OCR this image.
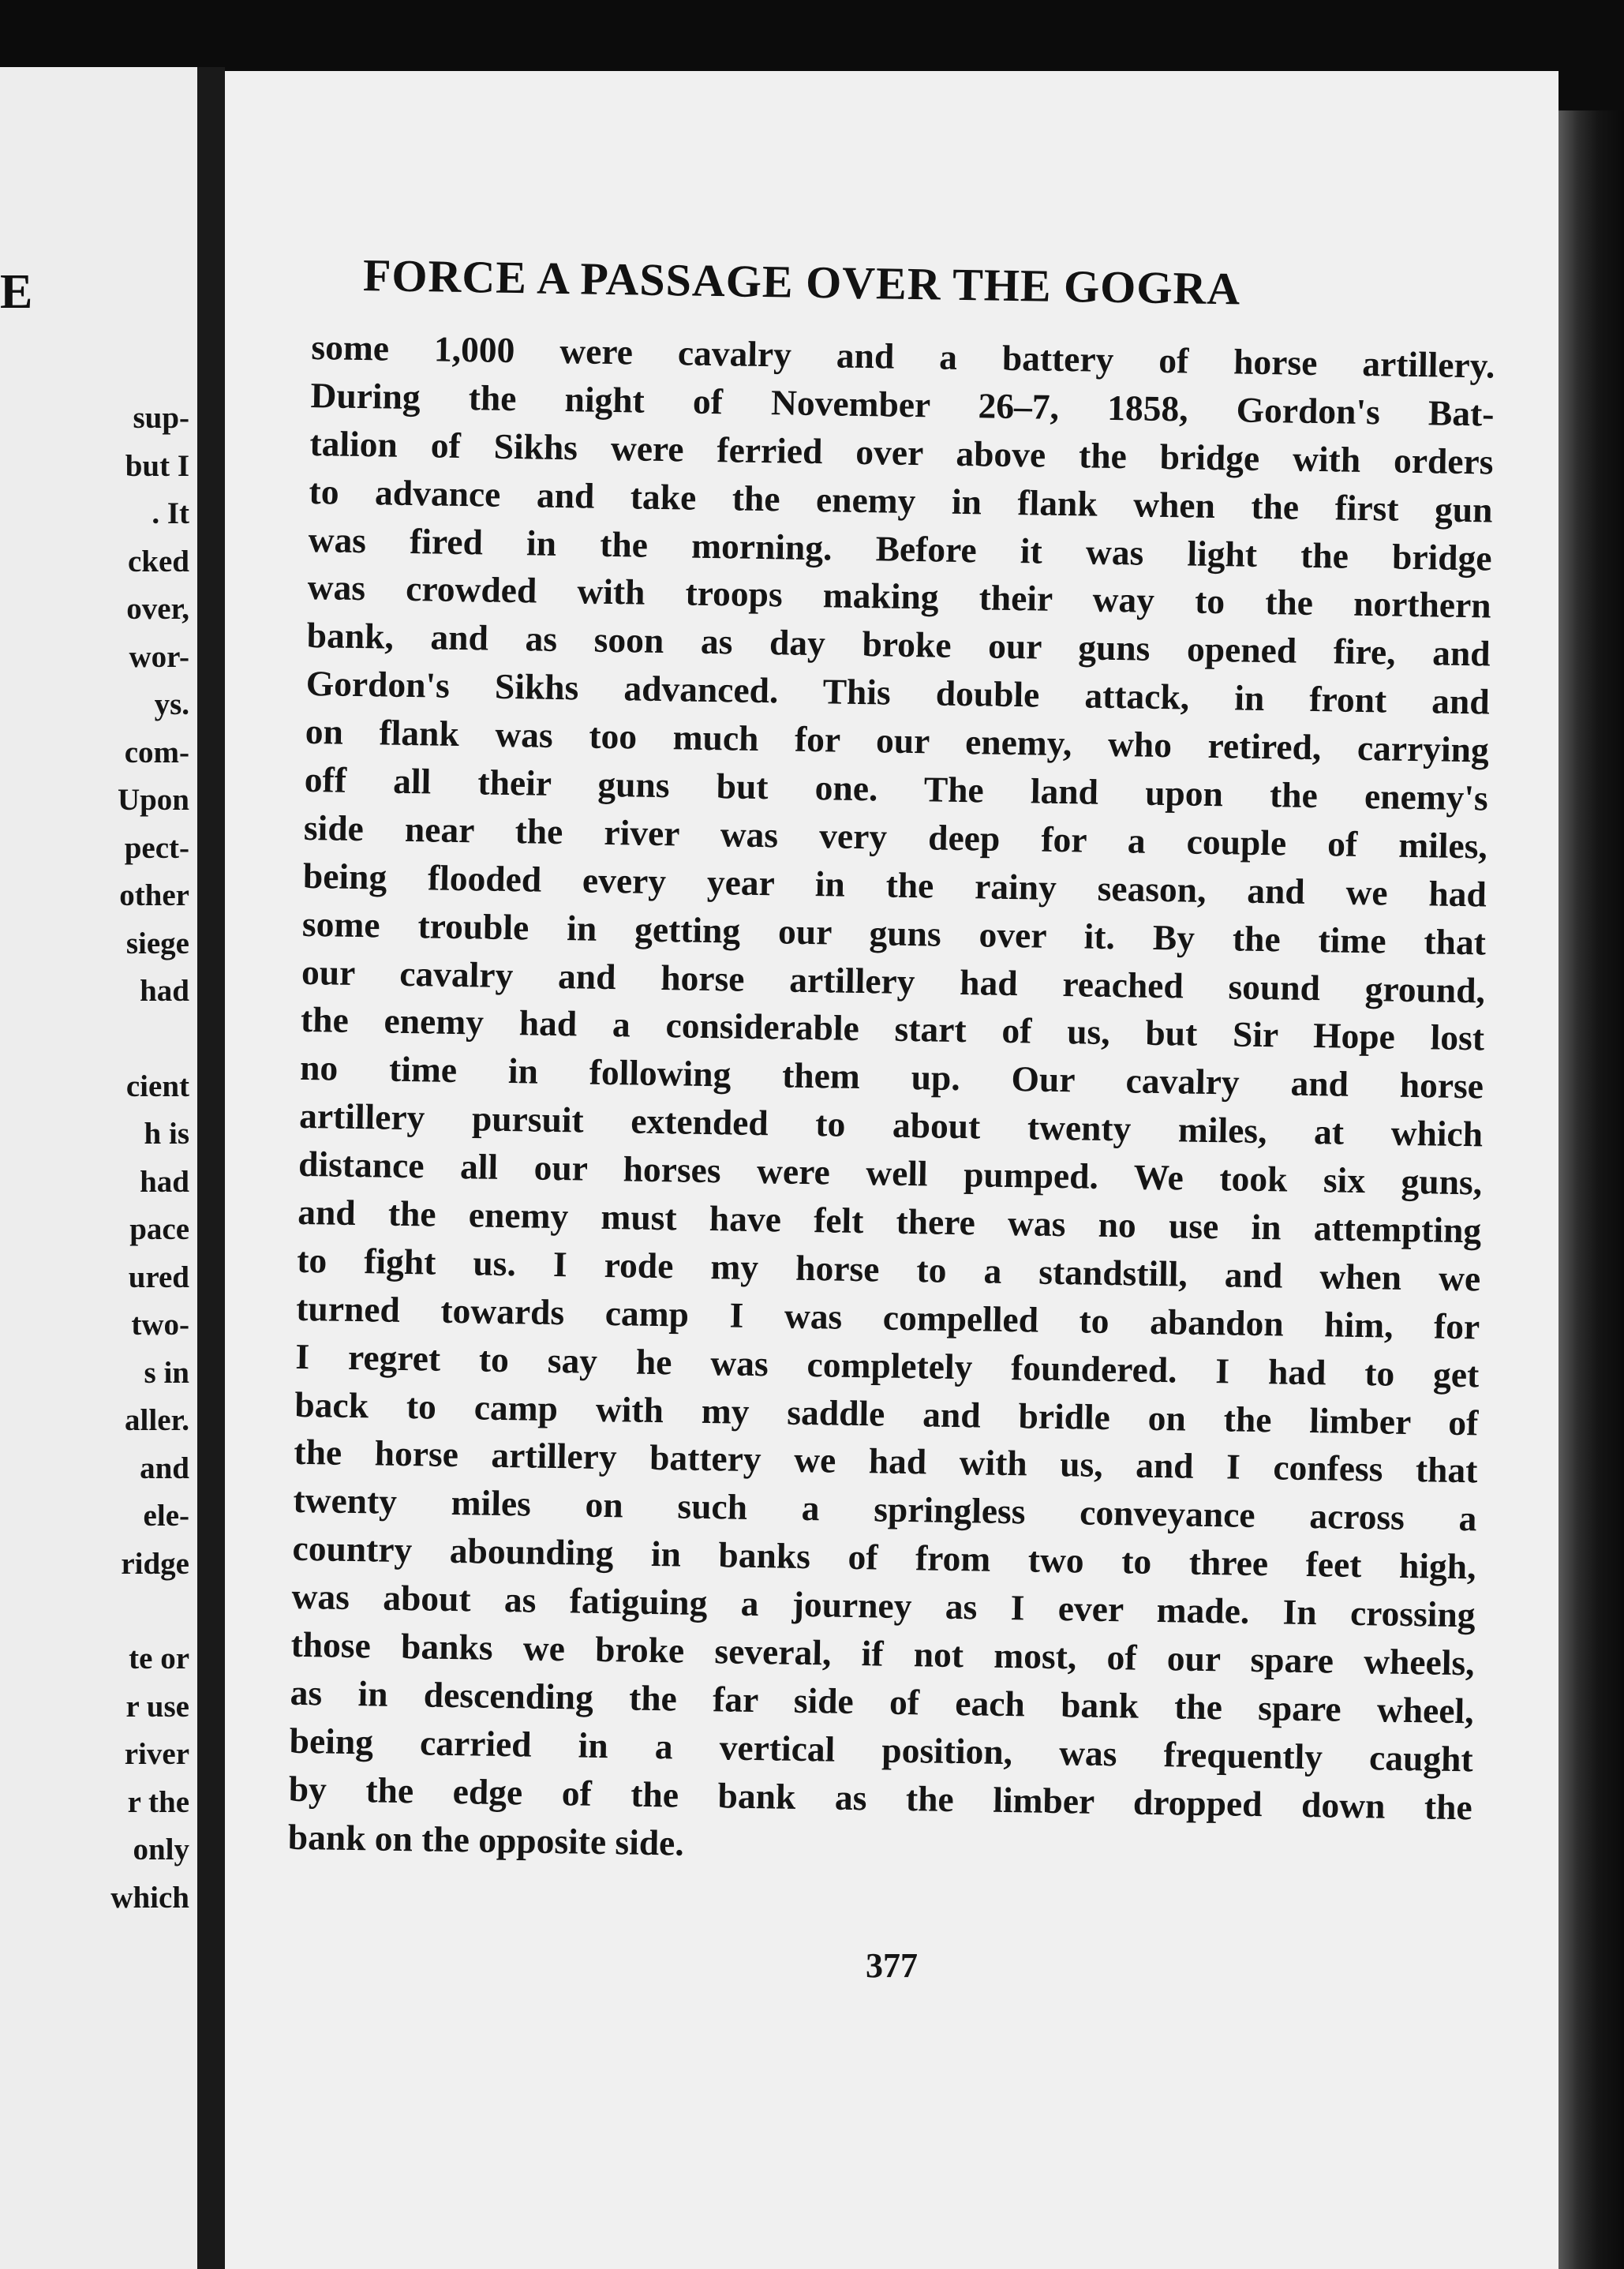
E
sup-
but I
. It
cked
over,
wor-
ys.
com-
Upon
pect-
other
siege
had
cient
h is
had
pace
ured
two-
s in
aller.
and
ele-
ridge
te or
r use
river
r the
only
which
FORCE A PASSAGE OVER THE GOGRA
some 1,000 were cavalry and a battery of horse artillery.
During the night of November 26–7, 1858, Gordon's Bat-
talion of Sikhs were ferried over above the bridge with orders
to advance and take the enemy in flank when the first gun
was fired in the morning. Before it was light the bridge
was crowded with troops making their way to the northern
bank, and as soon as day broke our guns opened fire, and
Gordon's Sikhs advanced. This double attack, in front and
on flank was too much for our enemy, who retired, carrying
off all their guns but one. The land upon the enemy's
side near the river was very deep for a couple of miles,
being flooded every year in the rainy season, and we had
some trouble in getting our guns over it. By the time that
our cavalry and horse artillery had reached sound ground,
the enemy had a considerable start of us, but Sir Hope lost
no time in following them up. Our cavalry and horse
artillery pursuit extended to about twenty miles, at which
distance all our horses were well pumped. We took six guns,
and the enemy must have felt there was no use in attempting
to fight us. I rode my horse to a standstill, and when we
turned towards camp I was compelled to abandon him, for
I regret to say he was completely foundered. I had to get
back to camp with my saddle and bridle on the limber of
the horse artillery battery we had with us, and I confess that
twenty miles on such a springless conveyance across a
country abounding in banks of from two to three feet high,
was about as fatiguing a journey as I ever made. In crossing
those banks we broke several, if not most, of our spare wheels,
as in descending the far side of each bank the spare wheel,
being carried in a vertical position, was frequently caught
by the edge of the bank as the limber dropped down the
bank on the opposite side.
377
